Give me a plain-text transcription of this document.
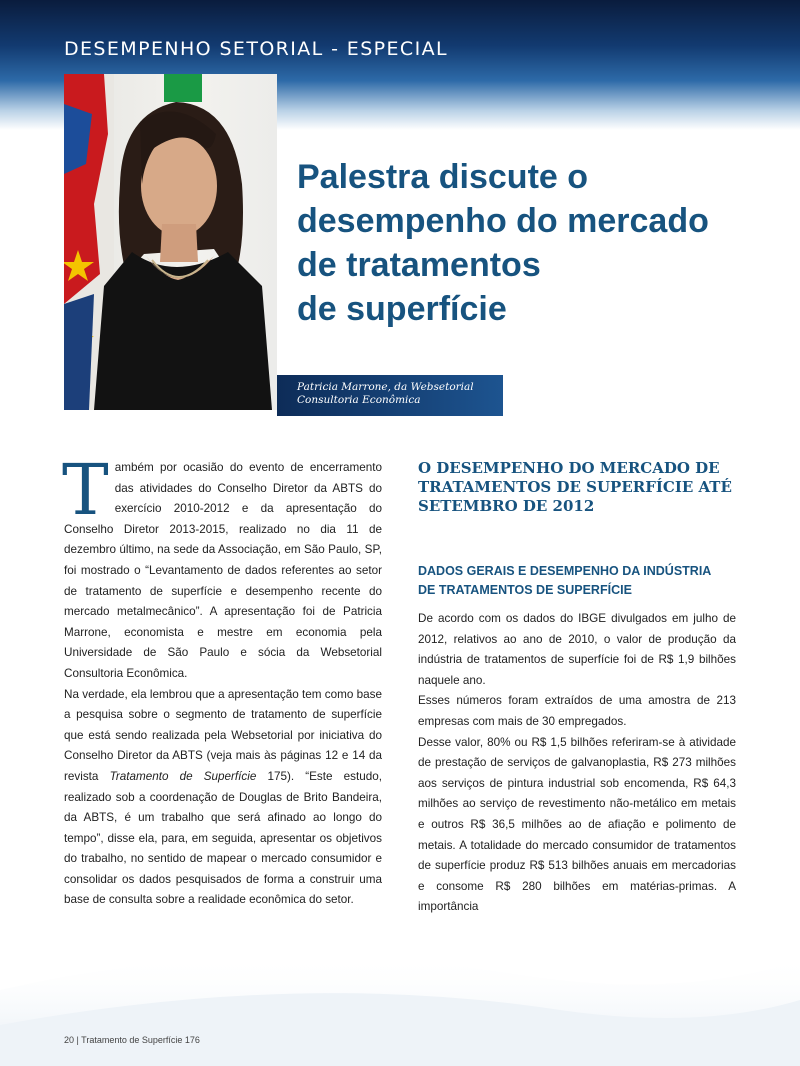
DESEMPENHO SETORIAL - ESPECIAL
Patricia Marrone, da Websetorial Consultoria Econômica
Palestra discute o
desempenho do mercado
de tratamentos
de superfície
T ambém por ocasião do evento de encerramento das atividades do Conselho Diretor da ABTS do exercício 2010-2012 e da apresentação do Conselho Diretor 2013-2015, realizado no dia 11 de dezembro último, na sede da Associação, em São Paulo, SP, foi mostrado o “Levantamento de dados referentes ao setor de tratamento de superfície e desempenho recente do mercado metalmecânico”. A apresentação foi de Patricia Marrone, economista e mestre em economia pela Universidade de São Paulo e sócia da Websetorial Consultoria Econômica.

Na verdade, ela lembrou que a apresentação tem como base a pesquisa sobre o segmento de tratamento de superfície que está sendo realizada pela Websetorial por iniciativa do Conselho Diretor da ABTS (veja mais às páginas 12 e 14 da revista Tratamento de Superfície 175). “Este estudo, realizado sob a coordenação de Douglas de Brito Bandeira, da ABTS, é um trabalho que será afinado ao longo do tempo”, disse ela, para, em seguida, apresentar os objetivos do trabalho, no sentido de mapear o mercado consumidor e consolidar os dados pesquisados de forma a construir uma base de consulta sobre a realidade econômica do setor.

O DESEMPENHO DO MERCADO DE
TRATAMENTOS DE SUPERFÍCIE ATÉ
SETEMBRO DE 2012
DADOS GERAIS E DESEMPENHO DA INDÚSTRIA
DE TRATAMENTOS DE SUPERFÍCIE

De acordo com os dados do IBGE divulgados em julho de 2012, relativos ao ano de 2010, o valor de produção da indústria de tratamentos de superfície foi de R$ 1,9 bilhões naquele ano.

Esses números foram extraídos de uma amostra de 213 empresas com mais de 30 empregados.

Desse valor, 80% ou R$ 1,5 bilhões referiram-se à atividade de prestação de serviços de galvanoplastia, R$ 273 milhões aos serviços de pintura industrial sob encomenda, R$ 64,3 milhões ao serviço de revestimento não-metálico em metais e outros R$ 36,5 milhões ao de afiação e polimento de metais. A totalidade do mercado consumidor de tratamentos de superfície produz R$ 513 bilhões anuais em mercadorias e consome R$ 280 bilhões em matérias-primas. A importância

20 | Tratamento de Superfície 176
